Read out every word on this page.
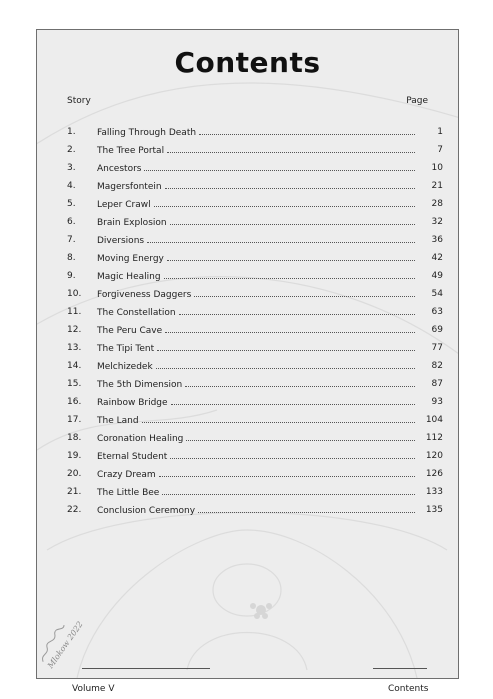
Contents
Story	Page
1.	Falling Through Death	1
2.	The Tree Portal	7
3.	Ancestors	10
4.	Magersfontein	21
5.	Leper Crawl	28
6.	Brain Explosion	32
7.	Diversions	36
8.	Moving Energy	42
9.	Magic Healing	49
10.	Forgiveness Daggers	54
11.	The Constellation	63
12.	The Peru Cave	69
13.	The Tipi Tent	77
14.	Melchizedek	82
15.	The 5th Dimension	87
16.	Rainbow Bridge	93
17.	The Land	104
18.	Coronation Healing	112
19.	Eternal Student	120
20.	Crazy Dream	126
21.	The Little Bee	133
22.	Conclusion Ceremony	135
Mlokow 2022
Volume V	Contents
